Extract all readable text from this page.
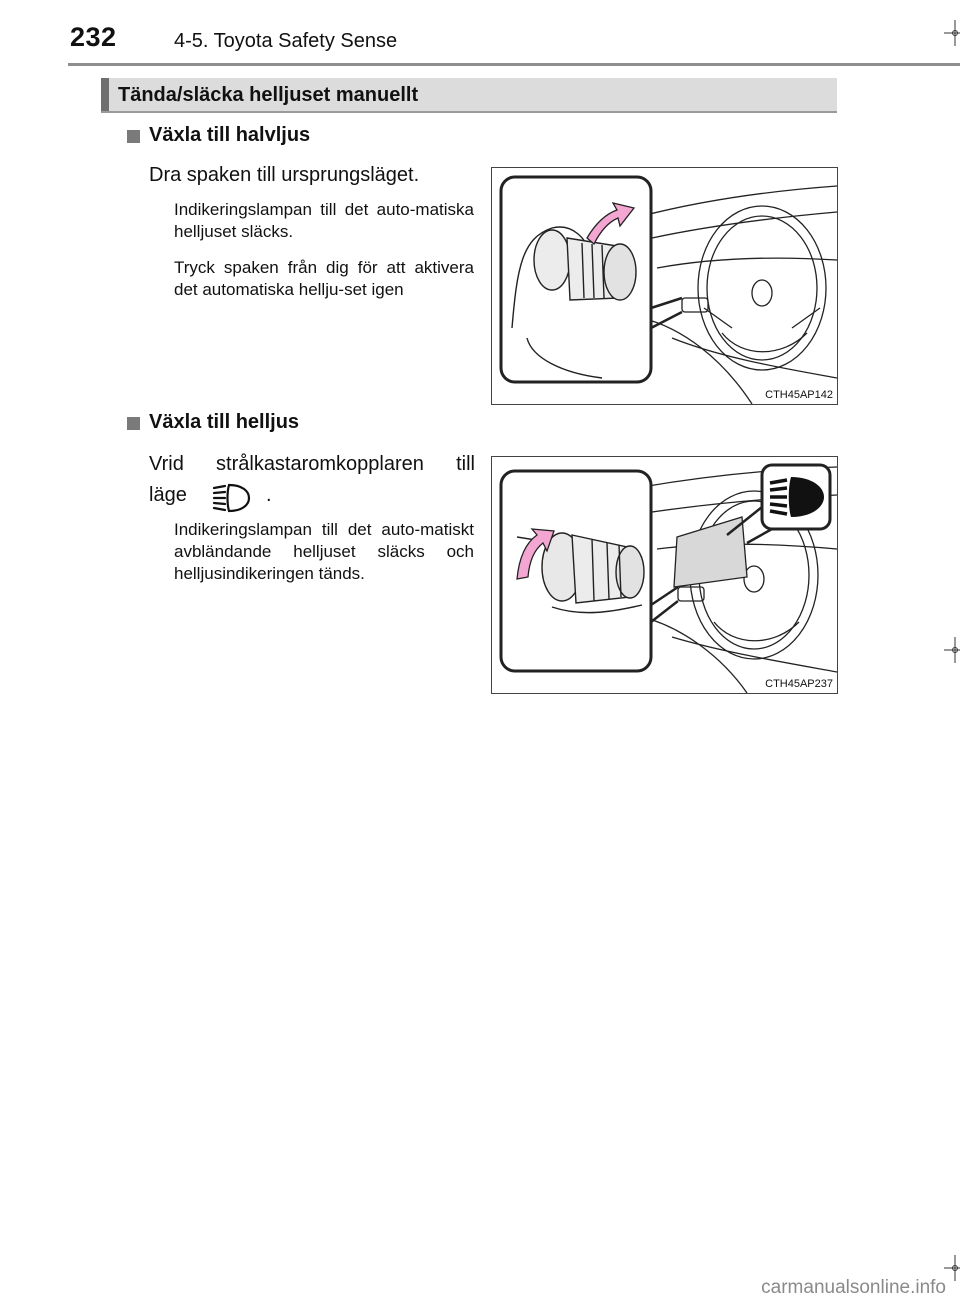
232	4-5. Toyota Safety Sense
Tända/släcka helljuset manuellt
Växla till halvljus
Dra spaken till ursprungsläget.
Indikeringslampan till det auto-matiska helljuset släcks.
Tryck spaken från dig för att aktivera det automatiska hellju-set igen
CTH45AP142
Växla till helljus
Vrid strålkastaromkopplaren till
läge	.
Indikeringslampan till det auto-matiskt avbländande helljuset släcks och helljusindikeringen tänds.
CTH45AP237
carmanualsonline.info
